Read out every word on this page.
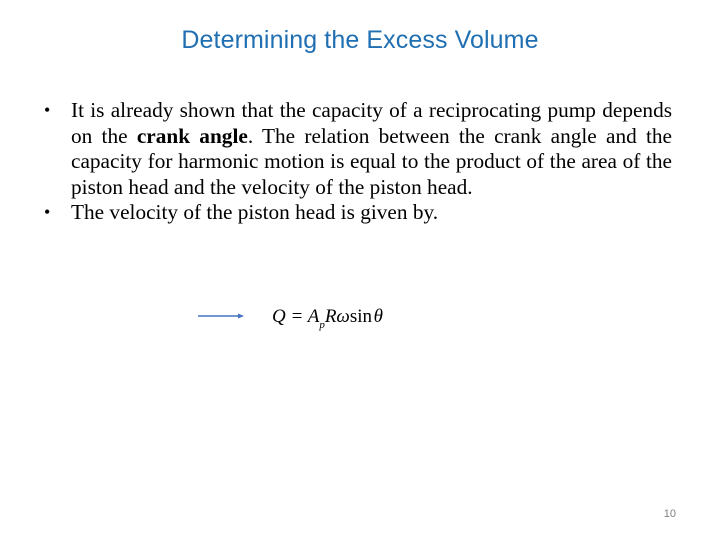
Determining the Excess Volume
• It is already shown that the capacity of a reciprocating pump depends on the crank angle. The relation between the crank angle and the capacity for harmonic motion is equal to the product of the area of the piston head and the velocity of the piston head.
• The velocity of the piston head is given by.
$Q = A_pR\omega\sin$ θ
10
